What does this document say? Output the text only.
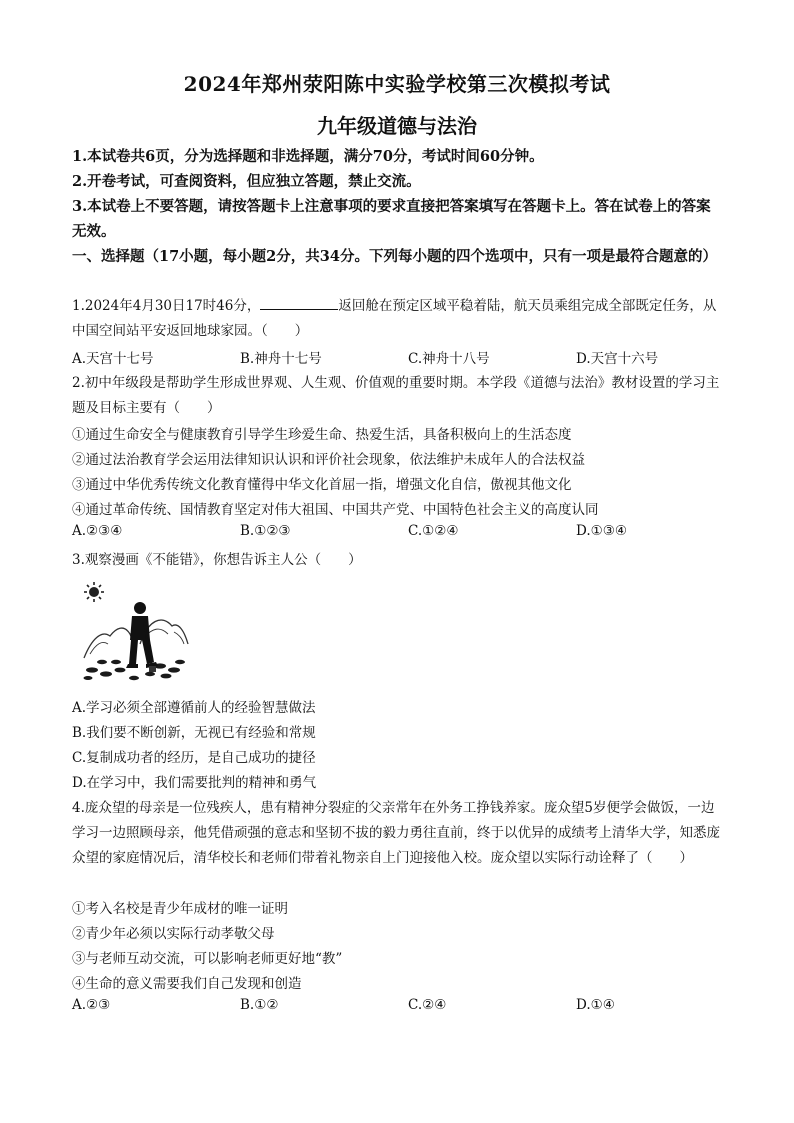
2024年郑州荥阳陈中实验学校第三次模拟考试
九年级道德与法治
1.本试卷共6页，分为选择题和非选择题，满分70分，考试时间60分钟。
2.开卷考试，可查阅资料，但应独立答题，禁止交流。
3.本试卷上不要答题，请按答题卡上注意事项的要求直接把答案填写在答题卡上。答在试卷上的答案无效。
一、选择题（17小题，每小题2分，共34分。下列每小题的四个选项中，只有一项是最符合题意的）
1.2024年4月30日17时46分，	返回舱在预定区域平稳着陆，航天员乘组完成全部既定任务，从中国空间站平安返回地球家园。（　　）
A.天宫十七号	B.神舟十七号	C.神舟十八号	D.天宫十六号
2.初中年级段是帮助学生形成世界观、人生观、价值观的重要时期。本学段《道德与法治》教材设置的学习主题及目标主要有（　　）
①通过生命安全与健康教育引导学生珍爱生命、热爱生活，具备积极向上的生活态度
②通过法治教育学会运用法律知识认识和评价社会现象，依法维护未成年人的合法权益
③通过中华优秀传统文化教育懂得中华文化首屈一指，增强文化自信，傲视其他文化
④通过革命传统、国情教育坚定对伟大祖国、中国共产党、中国特色社会主义的高度认同
A.②③④	B.①②③	C.①②④	D.①③④
3.观察漫画《不能错》，你想告诉主人公（　　）
A.学习必须全部遵循前人的经验智慧做法
B.我们要不断创新，无视已有经验和常规
C.复制成功者的经历，是自己成功的捷径
D.在学习中，我们需要批判的精神和勇气
4.庞众望的母亲是一位残疾人，患有精神分裂症的父亲常年在外务工挣钱养家。庞众望5岁便学会做饭，一边学习一边照顾母亲，他凭借顽强的意志和坚韧不拔的毅力勇往直前，终于以优异的成绩考上清华大学，知悉庞众望的家庭情况后，清华校长和老师们带着礼物亲自上门迎接他入校。庞众望以实际行动诠释了（　　）
①考入名校是青少年成材的唯一证明
②青少年必须以实际行动孝敬父母
③与老师互动交流，可以影响老师更好地“教”
④生命的意义需要我们自己发现和创造
A.②③	B.①②	C.②④	D.①④
